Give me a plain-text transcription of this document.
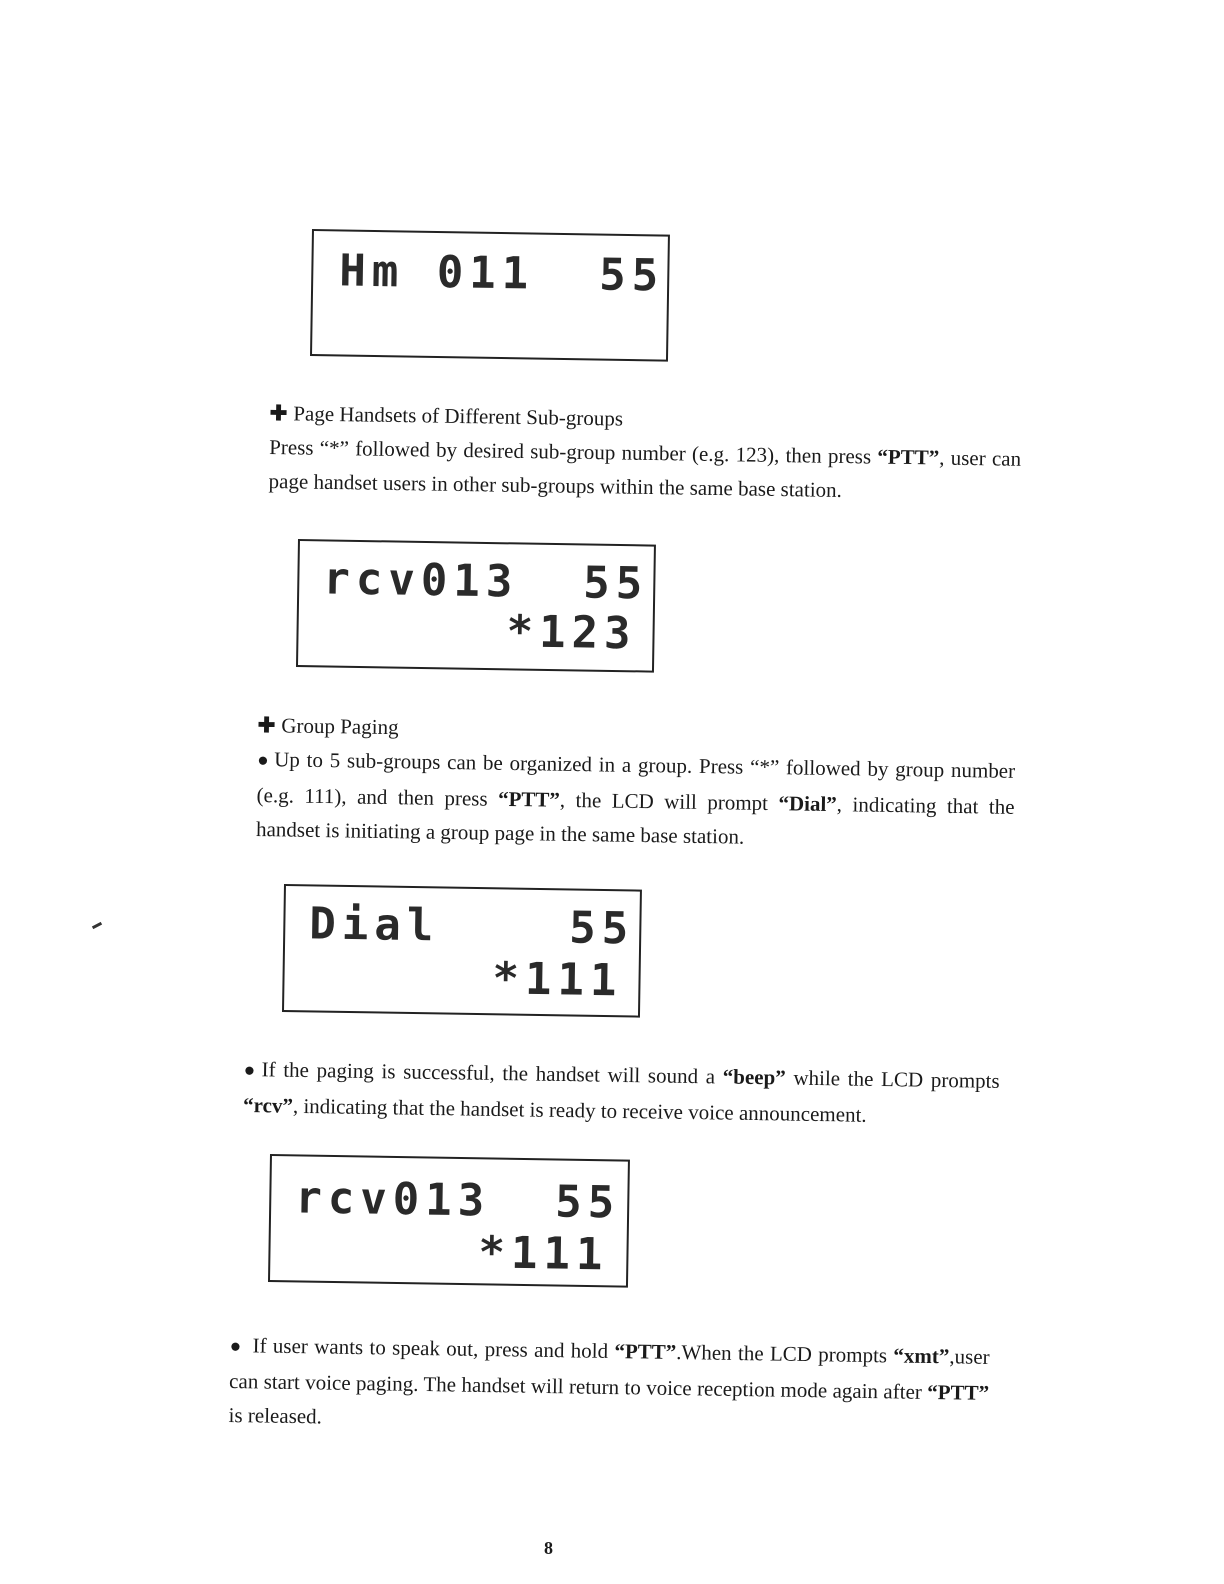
Hm 011  55
✚ Page Handsets of Different Sub-groups
Press “*” followed by desired sub-group number (e.g. 123), then press “PTT”, user can page handset users in other sub-groups within the same base station.
rcv013  55
*123
✚ Group Paging
● Up to 5 sub-groups can be organized in a group. Press “*” followed by group number (e.g. 111), and then press “PTT”, the LCD will prompt “Dial”, indicating that the handset is initiating a group page in the same base station.
Dial    55
*111
● If the paging is successful, the handset will sound a “beep” while the LCD prompts “rcv”, indicating that the handset is ready to receive voice announcement.
rcv013  55
*111
● If user wants to speak out, press and hold “PTT”.When the LCD prompts “xmt”,user can start voice paging. The handset will return to voice reception mode again after “PTT” is released.
8
